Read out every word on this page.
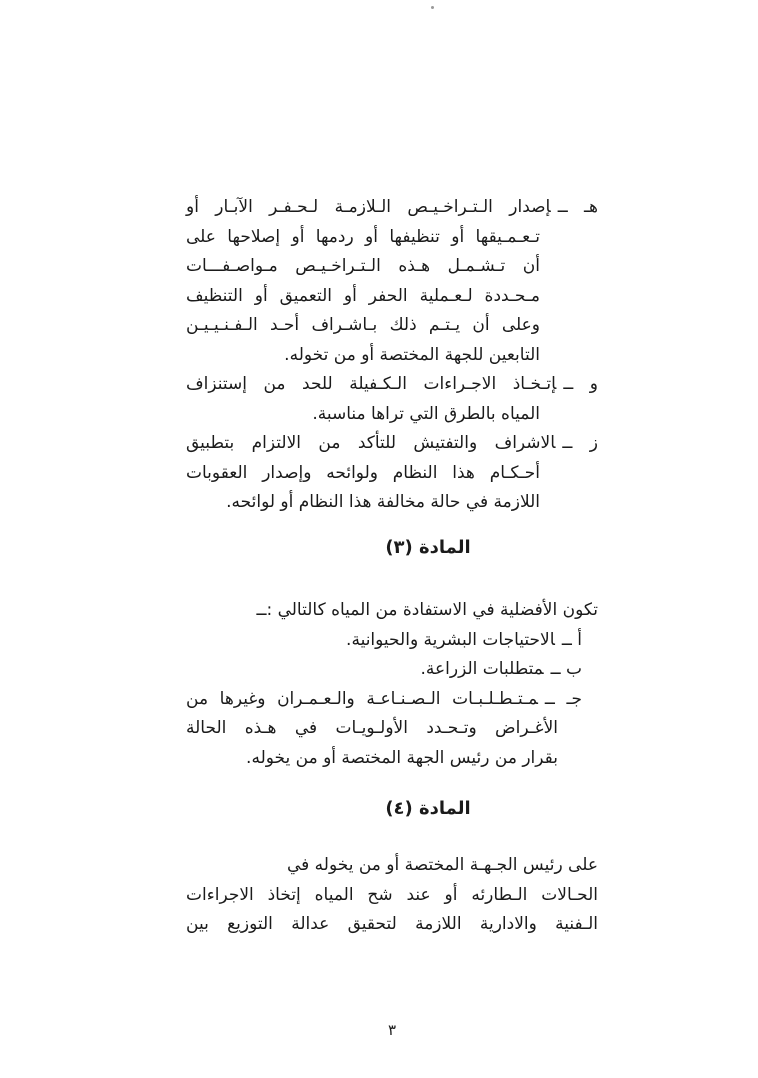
هـ ــإصدار الـتـراخـيـص الـلازمـة لـحـفـر الآبـار أو
تـعـمـيقها أو تنظيفها أو ردمها أو إصلاحها على
أن تـشـمـل هـذه الـتـراخـيـص مـواصـفـــات
مـحـددة لـعـملية الحفر أو التعميق أو التنظيف
وعلى أن يـتـم ذلك بـاشـراف أحـد الـفـنـيـيـن
التابعين للجهة المختصة أو من تخوله.
و ــإتـخـاذ الاجـراءات الـكـفيلة للحد من إستنزاف
المياه بالطرق التي تراها مناسبة.
ز ــالاشراف والتفتيش للتأكد من الالتزام بتطبيق
أحـكـام هذا النظام ولوائحه وإصدار العقوبات
اللازمة في حالة مخالفة هذا النظام أو لوائحه.
المادة (٣)
تكون الأفضلية في الاستفادة من المياه كالتالي :ــ
أ ــالاحتياجات البشرية والحيوانية.
ب ــمتطلبات الزراعة.
جـ ــمـتـطـلـبـات الـصـنـاعـة والـعـمـران وغيرها من
الأغـراض وتـحـدد الأولـويـات في هـذه الحالة
بقرار من رئيس الجهة المختصة أو من يخوله.
المادة (٤)
على رئيس الجـهـة المختصة أو من يخوله في
الحـالات الـطارئه أو عند شح المياه إتخاذ الاجراءات
الـفنية والادارية اللازمة لتحقيق عدالة التوزيع بين
٣
